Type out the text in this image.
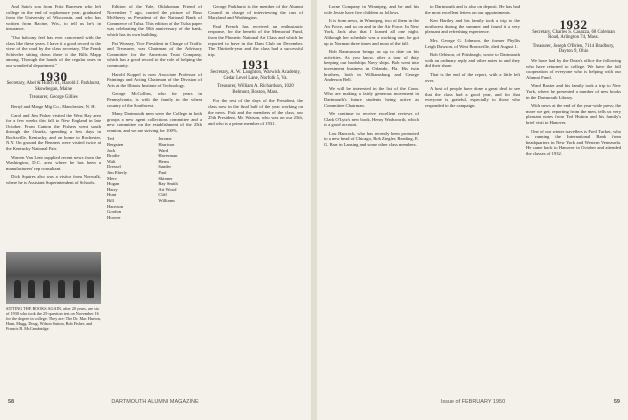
And Satu's son from Fritz Barresen who left college in the end of sophomore year, graduated from the University of Wisconsin, and who has written from Racine, Wis., to tell us he's in insurance.

"Our balcony feel has ever concerned with the class like these years. I have it a good record to the view of the road by the class secretary, The Frank Schiveler sitting down there it the Bills Mapp among. Through the hands of the regular ones in our wonderful department."

1930
Secretary, Abel & Hutch 81, Harold J. Parkhurst, Skowhegan, Maine
Treasurer, George Gillies

Bertyl and Marge Mig Co., Manchester, N. H.

Carol and Jim Fisher visited the West Bay area for a few weeks this fall to New England in late October. From Canton the Fishers went south through the Ozarks, spending a few days in Rocksville, Kentucky, and on home to Rochester, N.Y. On ground the Benners were visited twice at the Kentucky National Fair.

Warren Van Lent supplied recent news from the Washington, D.C. area where he has been a manufacturers' rep consultant.

Dick Squires also was a visitor from Norwalk, where he is Assistant Superintendent of Schools.

Edition of the Yale, Oklahoman Friend of November 7 ago, carried the picture of Russ McSherry as President of the National Bank of Commerce of Tulsa. This edition of the Tulsa paper was celebrating the 50th anniversary of the bank, which has its own building.

Pat Wonsey, Vice President in Charge of Traffic and Treasurer, was Chairman of the Advisory Committee for the American Trust Company, which has a good record to the role of helping the community.

Harold Koppel is now Associate Professor of Paintings and Acting Chairman of the Division of Arts at the Illinois Institute of Technology.

George McCollins, who for years in Pennsylvania, is with the family in the wheat country of the Southwest.

Many Dartmouth men were the College in both groups a new agent collections committee and a new committee on the establishment of the 25th reunion, and we are striving for 100%.

Ted Bergsten
Jack Brodie
Walt Dressel
Jim Eberly
Merv Hogan
Harry Hunt
Bill Harrison
Gordon Hoover
Jerome Harrison
Ward Haverman
Herm Sander
Paul Skinner
Ray Smith
Art Wood
Cliff Williams

George Parkhurst is the member of the Alumni Council in charge of interviewing the cars of Maryland and Washington.

Paul French has received an enthusiastic response, for the benefit of the Memorial Fund, from the Phonetic National Art Class and which he reported to have in the Dam Club on December. The Thirtieth-year and the class had a successful trip.

1931
Secretary, A. W. Laughton, Warwick Academy, Cedar Level Lane, Norfolk 5, Va.
Treasurer, William A. Richardson, 1020 Belmont, Boston, Mass.

For the rest of the days of the President, the class now in the final half of the year working on the news. Fisk and the members of the class, our 25th President, Mr. Watson, who was on our 25th, and who is a prime member of 1931.

SITTING THE BOOKS AGAIN, after 20 years, are six of 1930 who took the 25-question test on November 16 for the degree in college. They are: The Dr. Mac Hurton, Ham, Mugg, Doug, Wilson Sutton, Bob Fisher, and Francis R. McCambridge.
58	DARTMOUTH ALUMNI MAGAZINE

Lorne Company in Winnipeg, and he and his wife Jessie have five children as follows.

It is from news, in Winnipeg, two of them in the Air Force, and so on and in the Air Force. In New York, Jack also that I loaned all one night. Although her schedule was a working one, he got up to Norman three times and most of the fall.

Bob Rasmusson brings us up to date on his activities. As you know, after a tour of duty keeping our hardships Navy ships. Bob went into investment business in Orlando, Fla. His twin brothers, both in Williamsburg and George Anderson Bell.

We will be interested in the list of the Conn. Who are making a fairly generous movement in Dartmouth's future students being active as Committee Chairman.

We continue to receive excellent reviews of Clark O'Lytz's new book, Henry Wadsworth, which is a good account.

Lou Hancock, who has recently been promoted to a new head of Chicago, Bob Ziegler, Reading, E. G. Barr in Lansing and some other class members.

to Dartmouth and is also on deposit. He has had the most excellent letters on our appointments.

Ken Hartley and his family took a trip to the northwest during the summer and found it a very pleasant and refreshing experience.

Mrs. George G. Johnson, the former Phyllis Leigh Dawson, of West Bronxville, died August 1.

Bob Orbison, of Pittsburgh, wrote to Dartmouth with an ordinary reply and other notes to and they did their share.

That is the end of the report, with a little left over.

A host of people have done a great deal to see that the class had a good year, and for that everyone is grateful, especially to those who responded to the campaign.

1932
Secretary, Charles S. Casazza, 68 Coleman Road, Arlington 74, Mass.
Treasurer, Joseph O'Brien, 7114 Bradbury, Dayton 9, Ohio

We have had by the Dean's office the following who have returned to college. We have the full cooperation of everyone who is helping with our Alumni Fund.

Ward Baxter and his family took a trip to New York, where he presented a number of new books in the Dartmouth Library.

With news at the end of the year-wide press; the more we get; reporting from the men, tells us very pleasant notes from Ted Hutton and his family's brief visit to Hanover.

One of our winter travellers is Fred Tucker, who is running the International Bank from headquarters in New York and Western Venezuela. He came back to Hanover in October and attended the classes of 1932.

Issue of FEBRUARY 1950	59
